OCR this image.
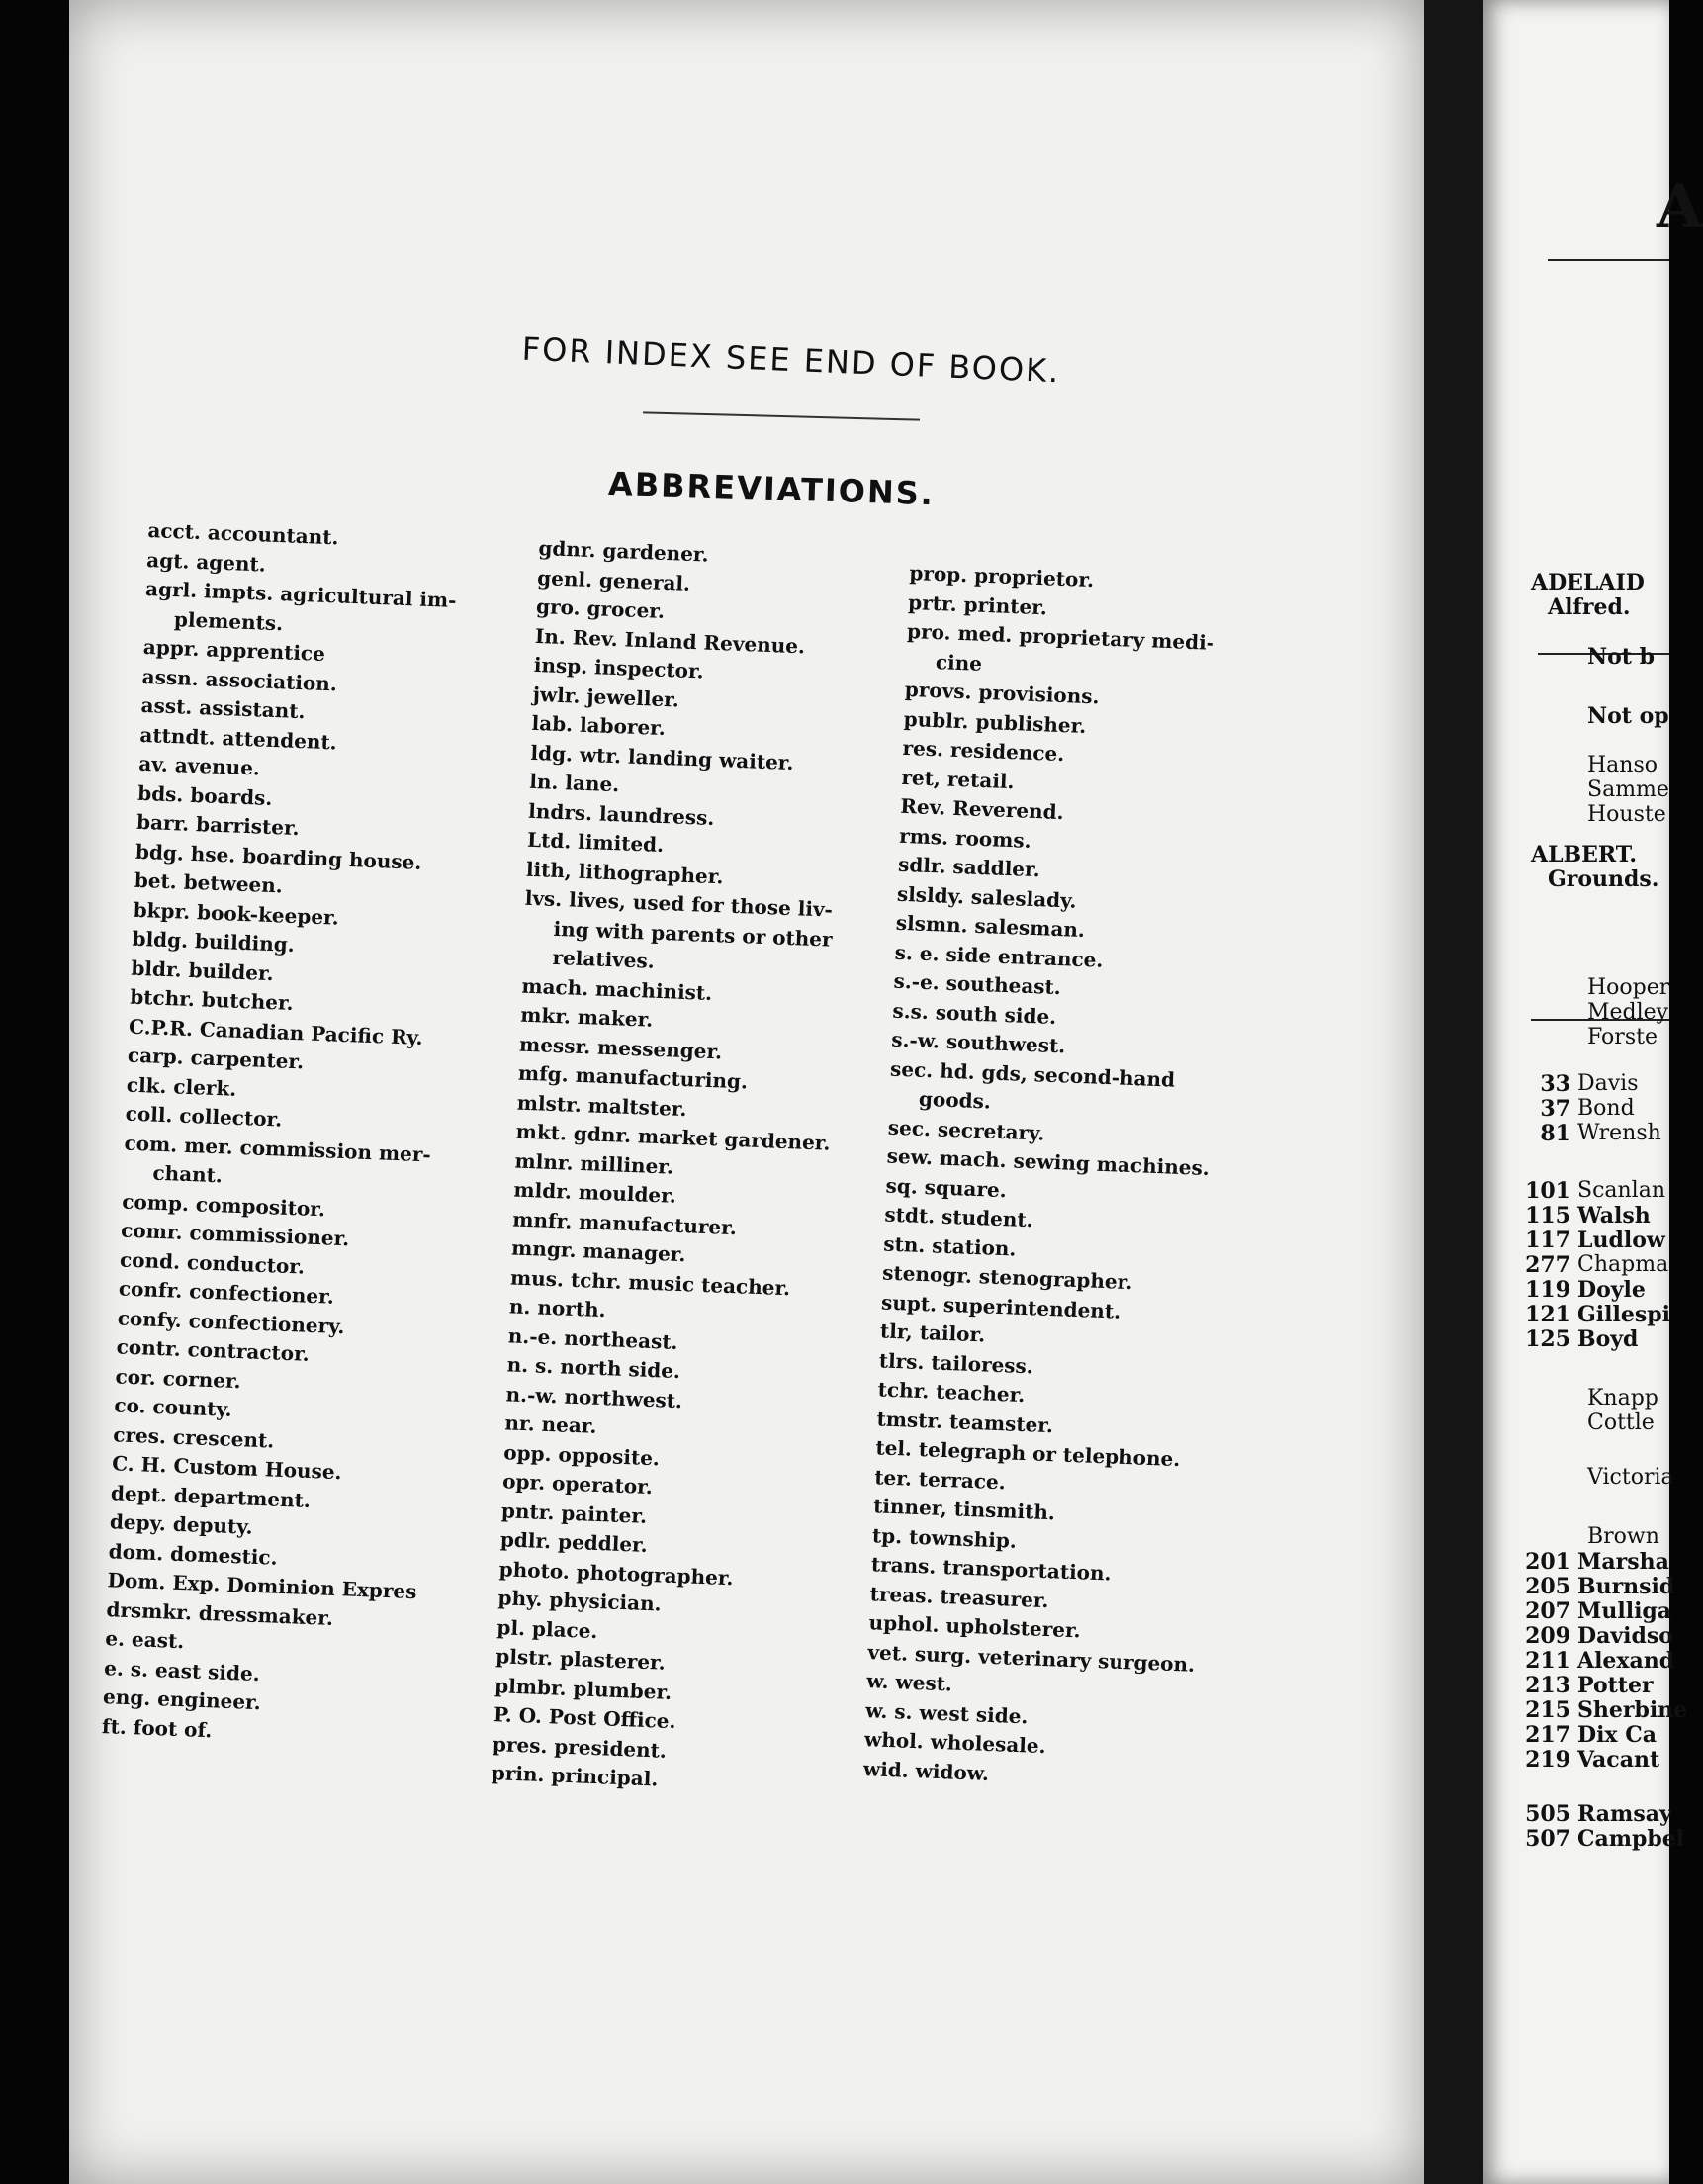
FOR INDEX SEE END OF BOOK.
ABBREVIATIONS.
acct. accountant.
agt. agent.
agrl. impts. agricultural im-
plements.
appr. apprentice
assn. association.
asst. assistant.
attndt. attendent.
av. avenue.
bds. boards.
barr. barrister.
bdg. hse. boarding house.
bet. between.
bkpr. book-keeper.
bldg. building.
bldr. builder.
btchr. butcher.
C.P.R. Canadian Pacific Ry.
carp. carpenter.
clk. clerk.
coll. collector.
com. mer. commission mer-
chant.
comp. compositor.
comr. commissioner.
cond. conductor.
confr. confectioner.
confy. confectionery.
contr. contractor.
cor. corner.
co. county.
cres. crescent.
C. H. Custom House.
dept. department.
depy. deputy.
dom. domestic.
Dom. Exp. Dominion Expres
drsmkr. dressmaker.
e. east.
e. s. east side.
eng. engineer.
ft. foot of.
gdnr. gardener.
genl. general.
gro. grocer.
In. Rev. Inland Revenue.
insp. inspector.
jwlr. jeweller.
lab. laborer.
ldg. wtr. landing waiter.
ln. lane.
lndrs. laundress.
Ltd. limited.
lith, lithographer.
lvs. lives, used for those liv-
ing with parents or other
relatives.
mach. machinist.
mkr. maker.
messr. messenger.
mfg. manufacturing.
mlstr. maltster.
mkt. gdnr. market gardener.
mlnr. milliner.
mldr. moulder.
mnfr. manufacturer.
mngr. manager.
mus. tchr. music teacher.
n. north.
n.-e. northeast.
n. s. north side.
n.-w. northwest.
nr. near.
opp. opposite.
opr. operator.
pntr. painter.
pdlr. peddler.
photo. photographer.
phy. physician.
pl. place.
plstr. plasterer.
plmbr. plumber.
P. O. Post Office.
pres. president.
prin. principal.
prop. proprietor.
prtr. printer.
pro. med. proprietary medi-
cine
provs. provisions.
publr. publisher.
res. residence.
ret, retail.
Rev. Reverend.
rms. rooms.
sdlr. saddler.
slsldy. saleslady.
slsmn. salesman.
s. e. side entrance.
s.-e. southeast.
s.s. south side.
s.-w. southwest.
sec. hd. gds, second-hand
goods.
sec. secretary.
sew. mach. sewing machines.
sq. square.
stdt. student.
stn. station.
stenogr. stenographer.
supt. superintendent.
tlr, tailor.
tlrs. tailoress.
tchr. teacher.
tmstr. teamster.
tel. telegraph or telephone.
ter. terrace.
tinner, tinsmith.
tp. township.
trans. transportation.
treas. treasurer.
uphol. upholsterer.
vet. surg. veterinary surgeon.
w. west.
w. s. west side.
whol. wholesale.
wid. widow.
A
ADELAID
Alfred.
Not b
Not op
Hanso
Samme
Houste
ALBERT.
Grounds.
Hooper
Medley
Forste
33 Davis
37 Bond
81 Wrensh
101 Scanlan
115 Walsh
117 Ludlow
277 Chapma
119 Doyle
121 Gillespi
125 Boyd
Knapp
Cottle
Victoria
Brown
201 Marsha
205 Burnsid
207 Mulliga
209 Davidso
211 Alexand
213 Potter
215 Sherbine
217 Dix Ca
219 Vacant
505 Ramsay
507 Campbel
